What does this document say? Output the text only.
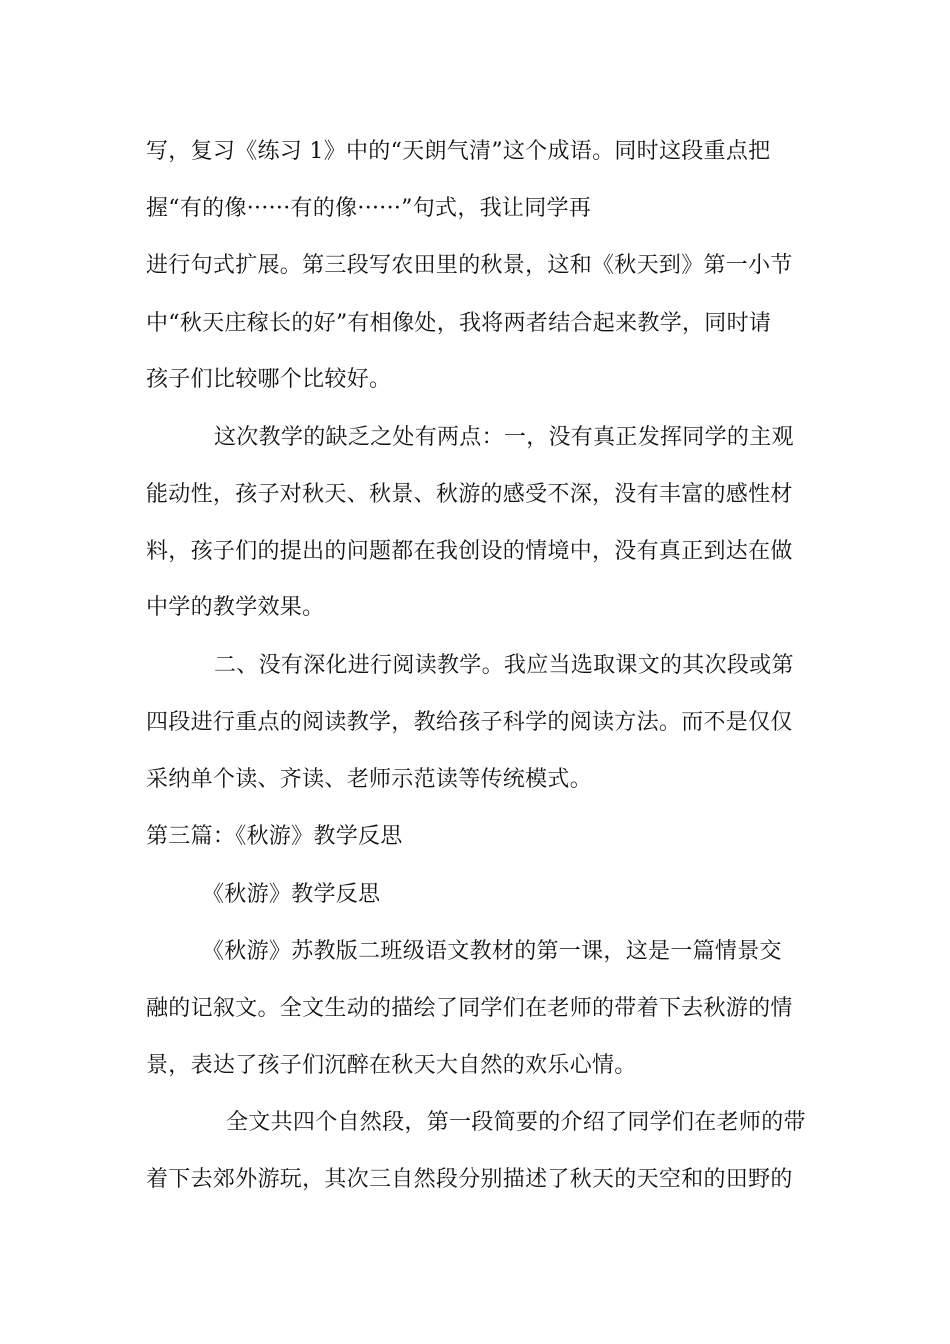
写，复习《练习 1》中的“天朗气清”这个成语。同时这段重点把
握“有的像······有的像······”句式，我让同学再
进行句式扩展。第三段写农田里的秋景，这和《秋天到》第一小节
中“秋天庄稼长的好”有相像处，我将两者结合起来教学，同时请
孩子们比较哪个比较好。
这次教学的缺乏之处有两点：一，没有真正发挥同学的主观
能动性，孩子对秋天、秋景、秋游的感受不深，没有丰富的感性材
料，孩子们的提出的问题都在我创设的情境中，没有真正到达在做
中学的教学效果。
二、没有深化进行阅读教学。我应当选取课文的其次段或第
四段进行重点的阅读教学，教给孩子科学的阅读方法。而不是仅仅
采纳单个读、齐读、老师示范读等传统模式。
第三篇：《秋游》教学反思
《秋游》教学反思
《秋游》苏教版二班级语文教材的第一课，这是一篇情景交
融的记叙文。全文生动的描绘了同学们在老师的带着下去秋游的情
景，表达了孩子们沉醉在秋天大自然的欢乐心情。
全文共四个自然段，第一段简要的介绍了同学们在老师的带
着下去郊外游玩，其次三自然段分别描述了秋天的天空和的田野的
